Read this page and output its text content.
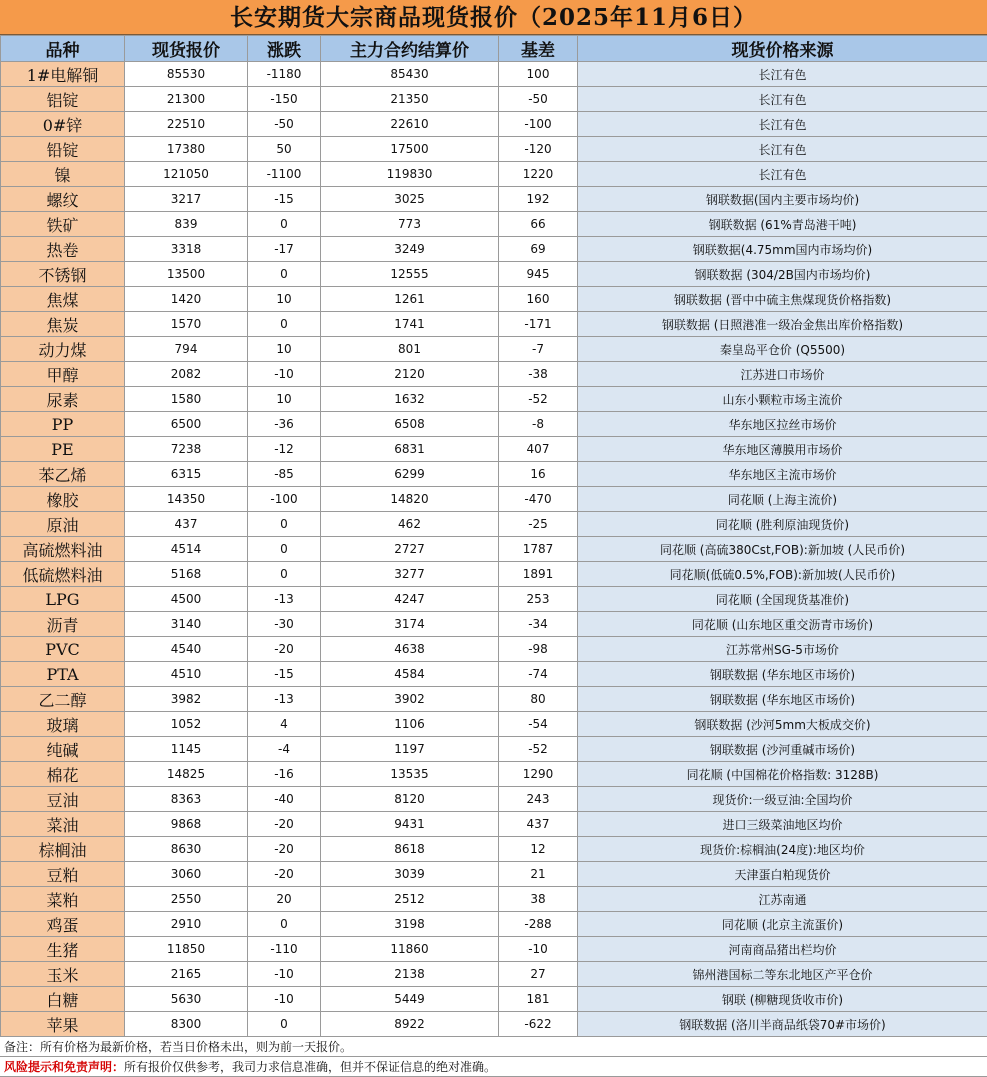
长安期货大宗商品现货报价（2025年11月6日）
品种	现货报价	涨跌	主力合约结算价	基差	现货价格来源
1#电解铜	85530	-1180	85430	100	长江有色
铝锭	21300	-150	21350	-50	长江有色
0#锌	22510	-50	22610	-100	长江有色
铅锭	17380	50	17500	-120	长江有色
镍	121050	-1100	119830	1220	长江有色
螺纹	3217	-15	3025	192	钢联数据(国内主要市场均价)
铁矿	839	0	773	66	钢联数据 (61%青岛港干吨)
热卷	3318	-17	3249	69	钢联数据(4.75mm国内市场均价)
不锈钢	13500	0	12555	945	钢联数据 (304/2B国内市场均价)
焦煤	1420	10	1261	160	钢联数据 (晋中中硫主焦煤现货价格指数)
焦炭	1570	0	1741	-171	钢联数据 (日照港准一级冶金焦出库价格指数)
动力煤	794	10	801	-7	秦皇岛平仓价 (Q5500)
甲醇	2082	-10	2120	-38	江苏进口市场价
尿素	1580	10	1632	-52	山东小颗粒市场主流价
PP	6500	-36	6508	-8	华东地区拉丝市场价
PE	7238	-12	6831	407	华东地区薄膜用市场价
苯乙烯	6315	-85	6299	16	华东地区主流市场价
橡胶	14350	-100	14820	-470	同花顺 (上海主流价)
原油	437	0	462	-25	同花顺 (胜利原油现货价)
高硫燃料油	4514	0	2727	1787	同花顺 (高硫380Cst,FOB):新加坡 (人民币价)
低硫燃料油	5168	0	3277	1891	同花顺(低硫0.5%,FOB):新加坡(人民币价)
LPG	4500	-13	4247	253	同花顺 (全国现货基准价)
沥青	3140	-30	3174	-34	同花顺 (山东地区重交沥青市场价)
PVC	4540	-20	4638	-98	江苏常州SG-5市场价
PTA	4510	-15	4584	-74	钢联数据 (华东地区市场价)
乙二醇	3982	-13	3902	80	钢联数据 (华东地区市场价)
玻璃	1052	4	1106	-54	钢联数据 (沙河5mm大板成交价)
纯碱	1145	-4	1197	-52	钢联数据 (沙河重碱市场价)
棉花	14825	-16	13535	1290	同花顺 (中国棉花价格指数: 3128B)
豆油	8363	-40	8120	243	现货价:一级豆油:全国均价
菜油	9868	-20	9431	437	进口三级菜油地区均价
棕榈油	8630	-20	8618	12	现货价:棕榈油(24度):地区均价
豆粕	3060	-20	3039	21	天津蛋白粕现货价
菜粕	2550	20	2512	38	江苏南通
鸡蛋	2910	0	3198	-288	同花顺 (北京主流蛋价)
生猪	11850	-110	11860	-10	河南商品猪出栏均价
玉米	2165	-10	2138	27	锦州港国标二等东北地区产平仓价
白糖	5630	-10	5449	181	钢联 (柳糖现货收市价)
苹果	8300	0	8922	-622	钢联数据 (洛川半商品纸袋70#市场价)
备注：所有价格为最新价格，若当日价格未出，则为前一天报价。
风险提示和免责声明：所有报价仅供参考，我司力求信息准确，但并不保证信息的绝对准确。
